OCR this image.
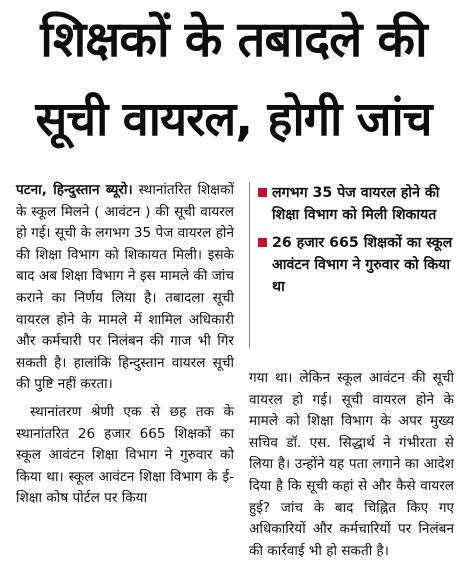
शिक्षकों के तबादले की
सूची वायरल, होगी जांच

पटना, हिन्दुस्तान ब्यूरो। स्थानांतरित शिक्षकों के स्कूल मिलने ( आवंटन ) की सूची वायरल हो गई। सूची के लगभग 35 पेज वायरल होने की शिक्षा विभाग को शिकायत मिली। इसके बाद अब शिक्षा विभाग ने इस मामले की जांच कराने का निर्णय लिया है। तबादला सूची वायरल होने के मामले में शामिल अधिकारी और कर्मचारी पर निलंबन की गाज भी गिर सकती है। हालांकि हिन्दुस्तान वायरल सूची की पुष्टि नहीं करता।

स्थानांतरण श्रेणी एक से छह तक के स्थानांतरित 26 हजार 665 शिक्षकों का स्कूल आवंटन शिक्षा विभाग ने गुरुवार को किया था। स्कूल आवंटन शिक्षा विभाग के ई-शिक्षा कोष पोर्टल पर किया

लगभग 35 पेज वायरल होने की शिक्षा विभाग को मिली शिकायत
26 हजार 665 शिक्षकों का स्कूल आवंटन विभाग ने गुरुवार को किया था

गया था। लेकिन स्कूल आवंटन की सूची वायरल हो गई। सूची वायरल होने के मामले को शिक्षा विभाग के अपर मुख्य सचिव डॉ. एस. सिद्धार्थ ने गंभीरता से लिया है। उन्होंने यह पता लगाने का आदेश दिया है कि सूची कहां से और कैसे वायरल हुई? जांच के बाद चिह्नित किए गए अधिकारियों और कर्मचारियों पर निलंबन की कार्रवाई भी हो सकती है।
